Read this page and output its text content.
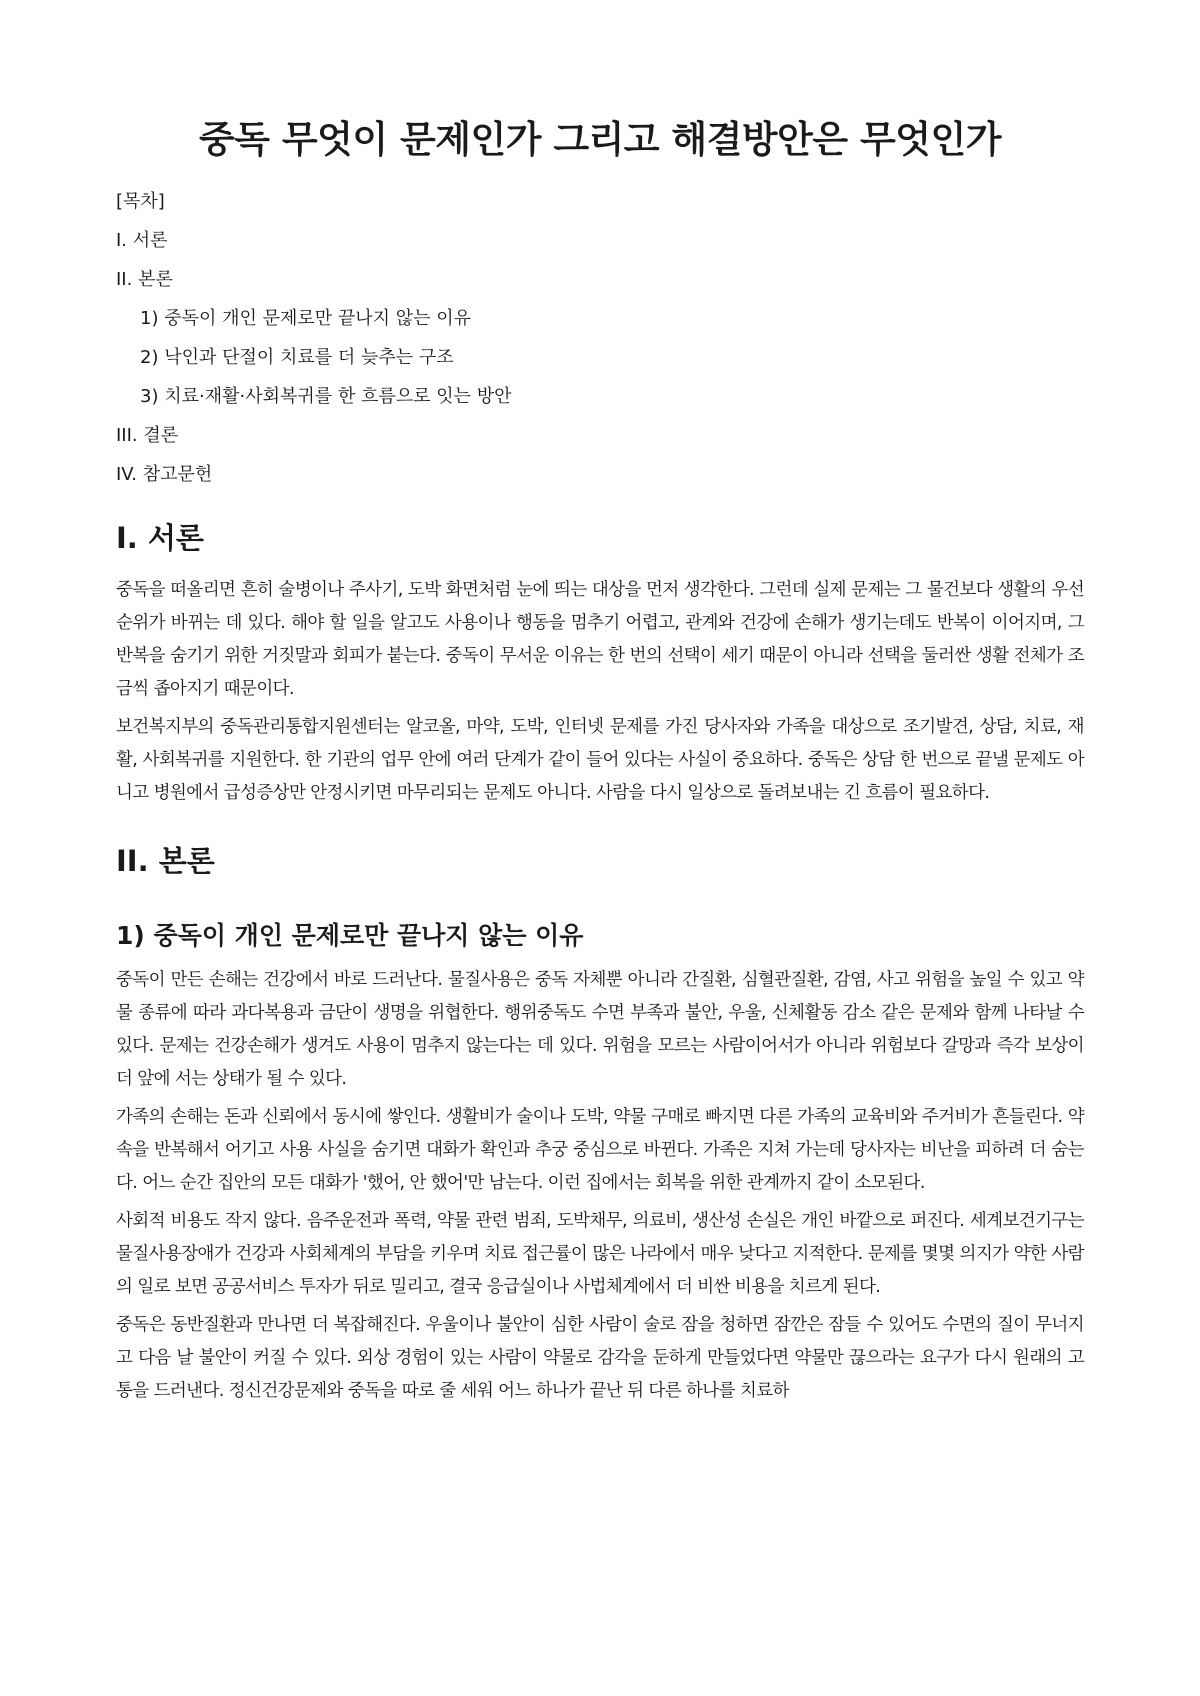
중독 무엇이 문제인가 그리고 해결방안은 무엇인가
[목차]
I. 서론
II. 본론
1) 중독이 개인 문제로만 끝나지 않는 이유
2) 낙인과 단절이 치료를 더 늦추는 구조
3) 치료·재활·사회복귀를 한 흐름으로 잇는 방안
III. 결론
IV. 참고문헌
I. 서론

중독을 떠올리면 흔히 술병이나 주사기, 도박 화면처럼 눈에 띄는 대상을 먼저 생각한다. 그런데 실제 문제는 그 물건보다 생활의 우선순위가 바뀌는 데 있다. 해야 할 일을 알고도 사용이나 행동을 멈추기 어렵고, 관계와 건강에 손해가 생기는데도 반복이 이어지며, 그 반복을 숨기기 위한 거짓말과 회피가 붙는다. 중독이 무서운 이유는 한 번의 선택이 세기 때문이 아니라 선택을 둘러싼 생활 전체가 조금씩 좁아지기 때문이다.

보건복지부의 중독관리통합지원센터는 알코올, 마약, 도박, 인터넷 문제를 가진 당사자와 가족을 대상으로 조기발견, 상담, 치료, 재활, 사회복귀를 지원한다. 한 기관의 업무 안에 여러 단계가 같이 들어 있다는 사실이 중요하다. 중독은 상담 한 번으로 끝낼 문제도 아니고 병원에서 급성증상만 안정시키면 마무리되는 문제도 아니다. 사람을 다시 일상으로 돌려보내는 긴 흐름이 필요하다.

II. 본론
1) 중독이 개인 문제로만 끝나지 않는 이유

중독이 만든 손해는 건강에서 바로 드러난다. 물질사용은 중독 자체뿐 아니라 간질환, 심혈관질환, 감염, 사고 위험을 높일 수 있고 약물 종류에 따라 과다복용과 금단이 생명을 위협한다. 행위중독도 수면 부족과 불안, 우울, 신체활동 감소 같은 문제와 함께 나타날 수 있다. 문제는 건강손해가 생겨도 사용이 멈추지 않는다는 데 있다. 위험을 모르는 사람이어서가 아니라 위험보다 갈망과 즉각 보상이 더 앞에 서는 상태가 될 수 있다.

가족의 손해는 돈과 신뢰에서 동시에 쌓인다. 생활비가 술이나 도박, 약물 구매로 빠지면 다른 가족의 교육비와 주거비가 흔들린다. 약속을 반복해서 어기고 사용 사실을 숨기면 대화가 확인과 추궁 중심으로 바뀐다. 가족은 지쳐 가는데 당사자는 비난을 피하려 더 숨는다. 어느 순간 집안의 모든 대화가 '했어, 안 했어'만 남는다. 이런 집에서는 회복을 위한 관계까지 같이 소모된다.

사회적 비용도 작지 않다. 음주운전과 폭력, 약물 관련 범죄, 도박채무, 의료비, 생산성 손실은 개인 바깥으로 퍼진다. 세계보건기구는 물질사용장애가 건강과 사회체계의 부담을 키우며 치료 접근률이 많은 나라에서 매우 낮다고 지적한다. 문제를 몇몇 의지가 약한 사람의 일로 보면 공공서비스 투자가 뒤로 밀리고, 결국 응급실이나 사법체계에서 더 비싼 비용을 치르게 된다.

중독은 동반질환과 만나면 더 복잡해진다. 우울이나 불안이 심한 사람이 술로 잠을 청하면 잠깐은 잠들 수 있어도 수면의 질이 무너지고 다음 날 불안이 커질 수 있다. 외상 경험이 있는 사람이 약물로 감각을 둔하게 만들었다면 약물만 끊으라는 요구가 다시 원래의 고통을 드러낸다. 정신건강문제와 중독을 따로 줄 세워 어느 하나가 끝난 뒤 다른 하나를 치료하
